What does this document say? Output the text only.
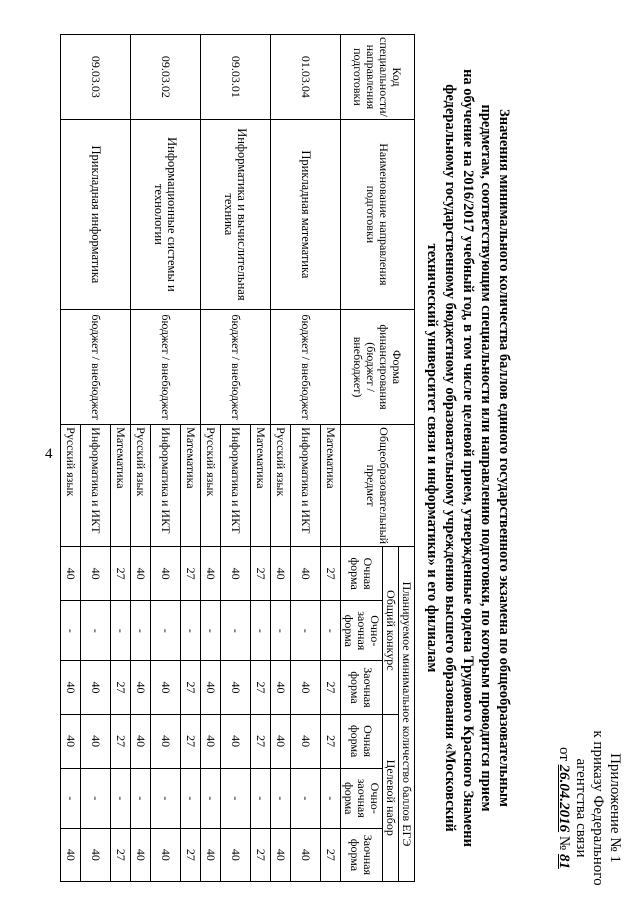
4
Приложение № 1
к приказу Федерального
агентства связи
от 26.04.2016 № 81
Значения минимального количества баллов единого государственного экзамена по общеобразовательным
предметам, соответствующим специальности или направлению подготовки, по которым проводится прием
на обучение на 2016/2017 учебный год, в том числе целевой прием, утвержденные ордена Трудового Красного Знамени
федеральному государственному бюджетному образовательному учреждению высшего образования «Московский
технический университет связи и информатики» и его филиалам
Код специальности/ направления подготовки	Наименование направления подготовки	Форма финансирования (бюджет / внебюджет)	Общеобразовательный предмет	Планируемое минимальное количество баллов ЕГЭ					
				Общий конкурс			Целевой набор		
				Очная форма	Очно-заочная форма	Заочная форма	Очная форма	Очно-заочная форма	Заочная форма
01.03.04	Прикладная математика	бюджет / внебюджет	Математика	27	-	27	27	-	27
			Информатика и ИКТ	40	-	40	40	-	40
			Русский язык	40	-	40	40	-	40
09.03.01	Информатика и вычислительная техника	бюджет / внебюджет	Математика	27	-	27	27	-	27
			Информатика и ИКТ	40	-	40	40	-	40
			Русский язык	40	-	40	40	-	40
09.03.02	Информационные системы и технологии	бюджет / внебюджет	Математика	27	-	27	27	-	27
			Информатика и ИКТ	40	-	40	40	-	40
			Русский язык	40	-	40	40	-	40
09.03.03	Прикладная информатика	бюджет / внебюджет	Математика	27	-	27	27	-	27
			Информатика и ИКТ	40	-	40	40	-	40
			Русский язык	40	-	40	40	-	40
